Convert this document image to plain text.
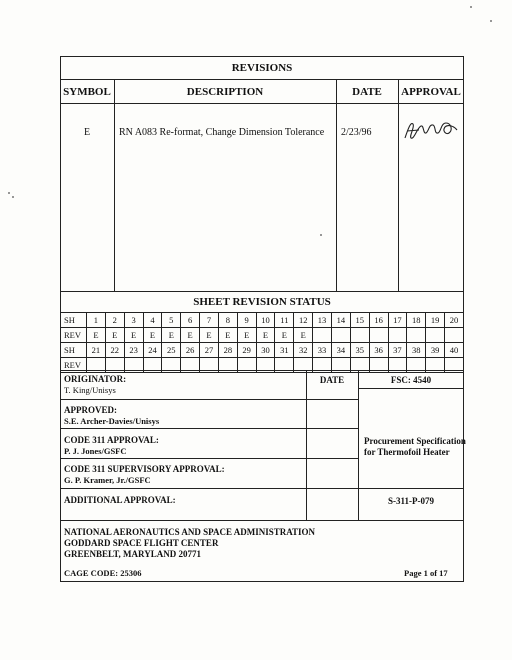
REVISIONS
SYMBOL	DESCRIPTION	DATE	APPROVAL
E	RN A083 Re-format, Change Dimension Tolerance	2/23/96
SHEET REVISION STATUS
SH	1	2	3	4	5	6	7	8	9	10	11	12	13	14	15	16	17	18	19	20
REV	E	E	E	E	E	E	E	E	E	E	E	E								
SH	21	22	23	24	25	26	27	28	29	30	31	32	33	34	35	36	37	38	39	40
REV																				
ORIGINATOR:
T. King/Unisys
DATE	FSC: 4540
APPROVED:
S.E. Archer-Davies/Unisys
CODE 311 APPROVAL:
P. J. Jones/GSFC
CODE 311 SUPERVISORY APPROVAL:
G. P. Kramer, Jr./GSFC
ADDITIONAL APPROVAL:
Procurement Specification
for Thermofoil Heater
S-311-P-079
NATIONAL AERONAUTICS AND SPACE ADMINISTRATION
GODDARD SPACE FLIGHT CENTER
GREENBELT, MARYLAND 20771
CAGE CODE: 25306	Page 1 of 17
